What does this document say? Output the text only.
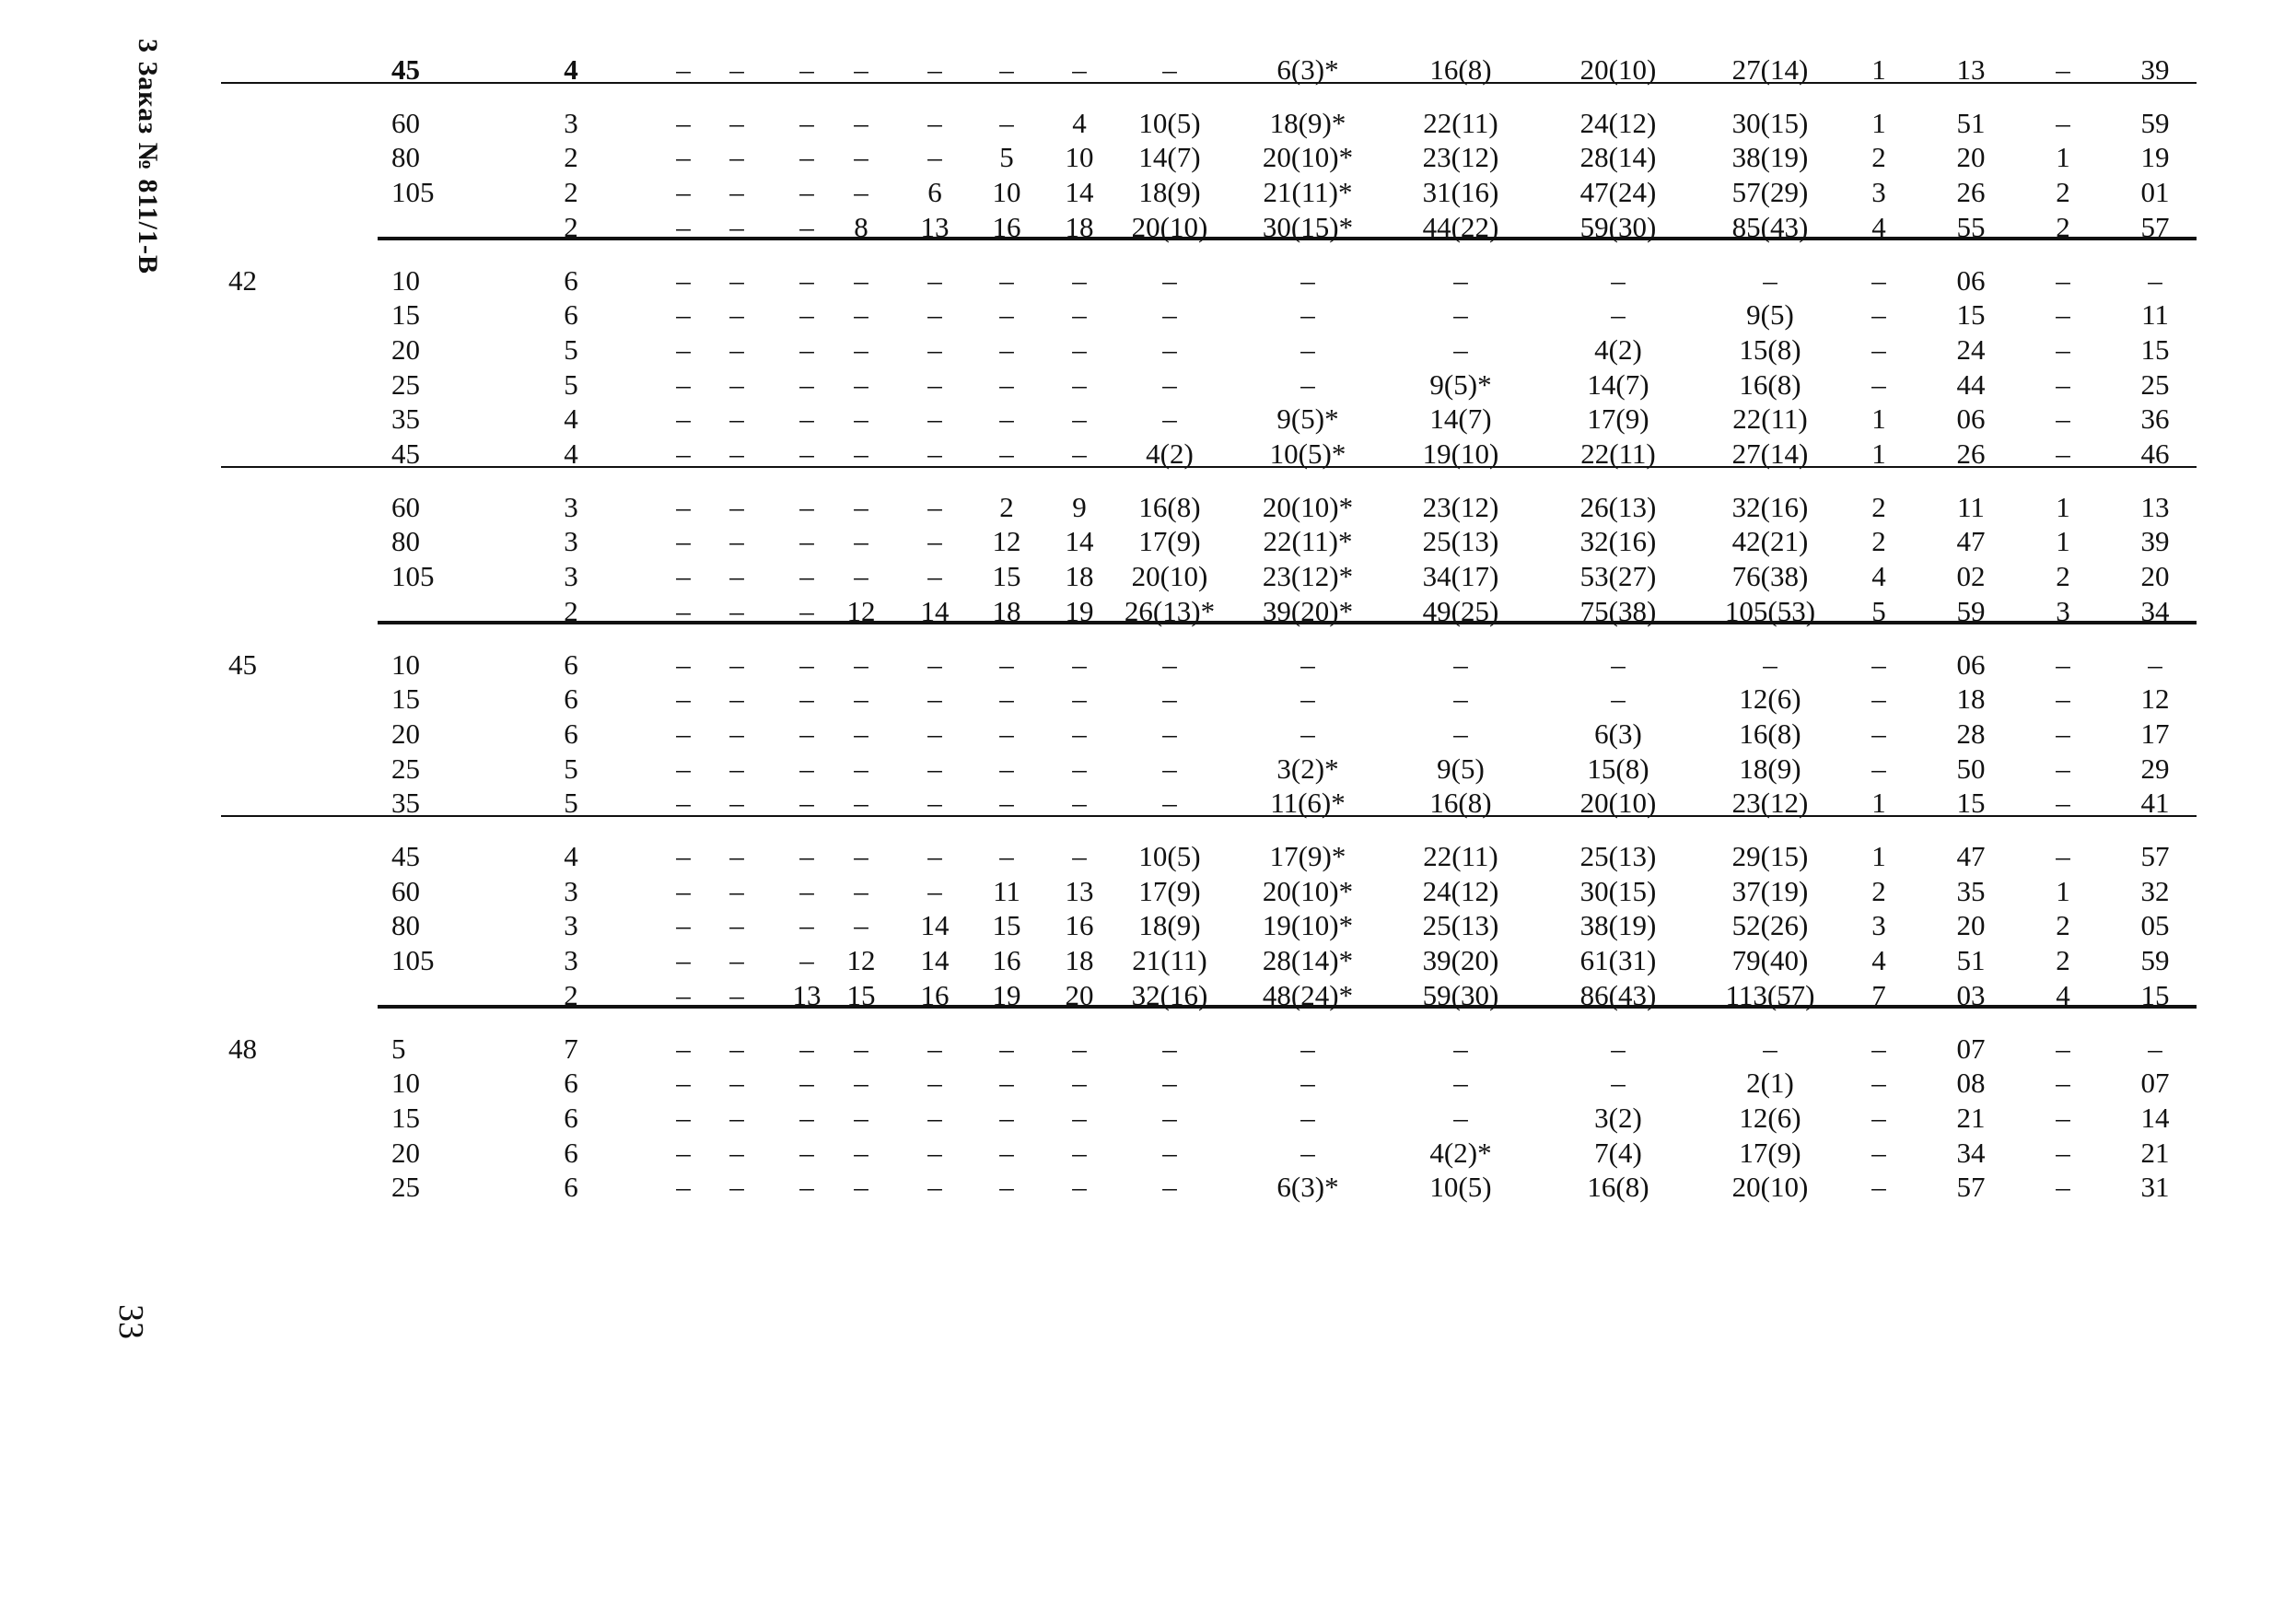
3 Заказ № 811/1-В
33
45	4	– – – – – – –	–	6(3)*	16(8)	20(10)	27(14) 1 13 – 39
60	3	– – – – – – 4 10(5) 18(9)*	22(11)	24(12)	30(15) 1 51 – 59
80	2	– – – – – 5 10 14(7) 20(10)* 23(12)	28(14)	38(19) 2 20 1 19
105	2	– – – – 6 10 14 18(9) 21(11)* 31(16)	47(24)	57(29) 3 26 2 01
2	– – – 8 13 16 18 20(10) 30(15)* 44(22)	59(30)	85(43) 4 55 2 57
42	10	6	– – – – – – –	–	–	–	–	–	– 06 –	–
15	6	– – – – – – –	–	–	–	–	9(5)	– 15 – 11
20	5	– – – – – – –	–	–	–	4(2)	15(8) – 24 – 15
25	5	– – – – – – –	–	–	9(5)*	14(7)	16(8) – 44 – 25
35	4	– – – – – – –	–	9(5)*	14(7)	17(9)	22(11) 1 06 – 36
45	4	– – – – – – – 4(2)	10(5)*	19(10)	22(11)	27(14) 1 26 – 46
60	3	– – – – – 2 9 16(8) 20(10)* 23(12)	26(13)	32(16) 2 11 1 13
80	3	– – – – – 12 14 17(9) 22(11)* 25(13)	32(16)	42(21) 2 47 1 39
105	3	– – – – – 15 18 20(10) 23(12)* 34(17)	53(27)	76(38) 4 02 2 20
2	– – – 12 14 18 19 26(13)* 39(20)* 49(25)	75(38) 105(53) 5 59 3 34
45	10	6	– – – – – – –	–	–	–	–	–	– 06 –	–
15	6	– – – – – – –	–	–	–	–	12(6) – 18 – 12
20	6	– – – – – – –	–	–	–	6(3)	16(8) – 28 – 17
25	5	– – – – – – –	–	3(2)*	9(5)	15(8)	18(9) – 50 – 29
35	5	– – – – – – –	–	11(6)*	16(8)	20(10)	23(12) 1 15 – 41
45	4	– – – – – – – 10(5) 17(9)*	22(11)	25(13)	29(15) 1 47 – 57
60	3	– – – – – 11 13 17(9) 20(10)* 24(12)	30(15)	37(19) 2 35 1 32
80	3	– – – – 14 15 16 18(9) 19(10)* 25(13)	38(19)	52(26) 3 20 2 05
105	3	– – – 12 14 16 18 21(11) 28(14)* 39(20)	61(31)	79(40) 4 51 2 59
2	– – 13 15 16 19 20 32(16) 48(24)* 59(30)	86(43) 113(57) 7 03 4 15
48	5	7	– – – – – – –	–	–	–	–	–	– 07 –	–
10	6	– – – – – – –	–	–	–	–	2(1)	– 08 – 07
15	6	– – – – – – –	–	–	–	3(2)	12(6) – 21 – 14
20	6	– – – – – – –	–	–	4(2)*	7(4)	17(9) – 34 – 21
25	6	– – – – – – –	–	6(3)*	10(5)	16(8)	20(10) – 57 – 31
